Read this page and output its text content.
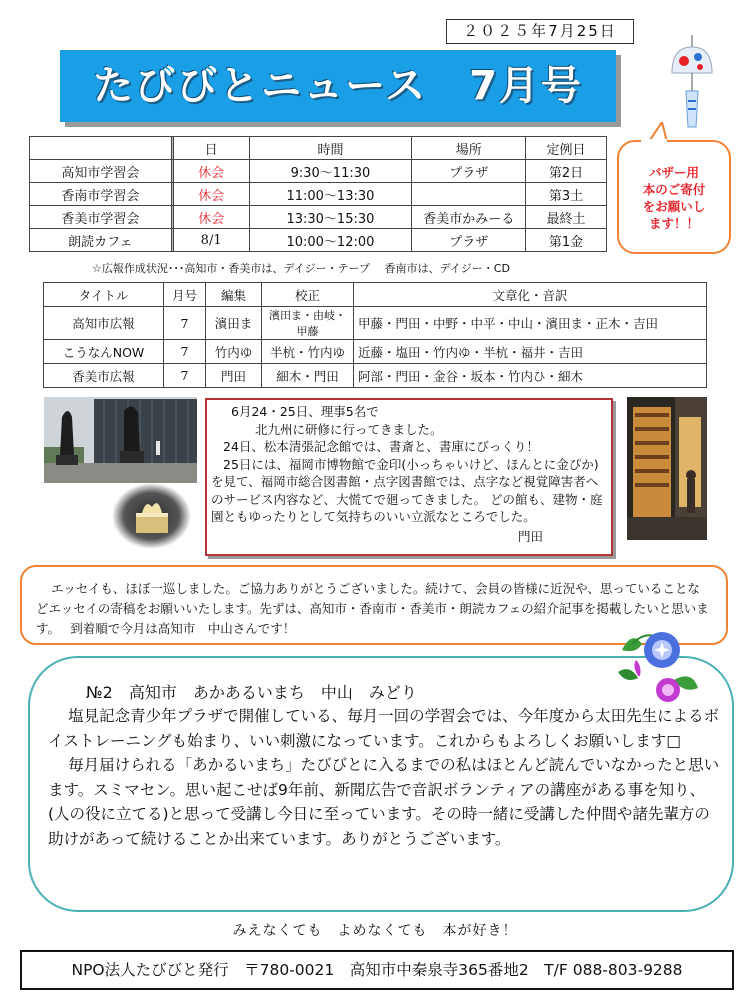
２０２５年7月25日
たびびとニュース　7月号
バザー用
本のご寄付
をお願いし
ます！！
		日	時間	場所	定例日
高知市学習会		休会	9:30～11:30	プラザ	第2日
香南市学習会		休会	11:00～13:30		第3土
香美市学習会		休会	13:30～15:30	香美市かみーる	最終土
朗読カフェ		8/1	10:00～12:00	プラザ	第1金
☆広報作成状況･･･高知市・香美市は、デイジー・テープ　 香南市は、デイジー・CD
タイトル	月号	編集	校正	文章化・音訳
高知市広報	7	濱田ま	濱田ま・由岐・甲藤	甲藤・門田・中野・中平・中山・濱田ま・正木・吉田
こうなんNOW	7	竹内ゆ	半杭・竹内ゆ	近藤・塩田・竹内ゆ・半杭・福井・吉田
香美市広報	7	門田	細木・門田	阿部・門田・金谷・坂本・竹内ひ・細木

6月24・25日、理事5名で

北九州に研修に行ってきました。

24日、松本清張記念館では、書斎と、書庫にびっくり！

25日には、福岡市博物館で金印(小っちゃいけど、ほんとに金ぴか)を見て、福岡市総合図書館・点字図書館では、点字など視覚障害者へのサービス内容など、大慌てで廻ってきました。 どの館も、建物・庭園ともゆったりとして気持ちのいい立派なところでした。

門田

エッセイも、ほぼ一巡しました。ご協力ありがとうございました。続けて、会員の皆様に近況や、思っていることなどエッセイの寄稿をお願いいたします。先ずは、高知市・香南市・香美市・朗読カフェの紹介記事を掲載したいと思います。　 到着順で今月は高知市　中山さんです！

№2　高知市　あかあるいまち　中山　みどり

塩見記念青少年プラザで開催している、毎月一回の学習会では、今年度から太田先生によるボイストレーニングも始まり、いい刺激になっています。これからもよろしくお願いします□

毎月届けられる「あかるいまち」たびびとに入るまでの私はほとんど読んでいなかったと思います。スミマセン。思い起こせば9年前、新聞広告で音訳ボランティアの講座がある事を知り、(人の役に立てる)と思って受講し今日に至っています。その時一緒に受講した仲間や諸先輩方の助けがあって続けることか出来ています。ありがとうございます。

みえなくても　よめなくても　本が好き！
NPO法人たびびと発行　〒780-0021　高知市中秦泉寺365番地2　T/F 088-803-9288
